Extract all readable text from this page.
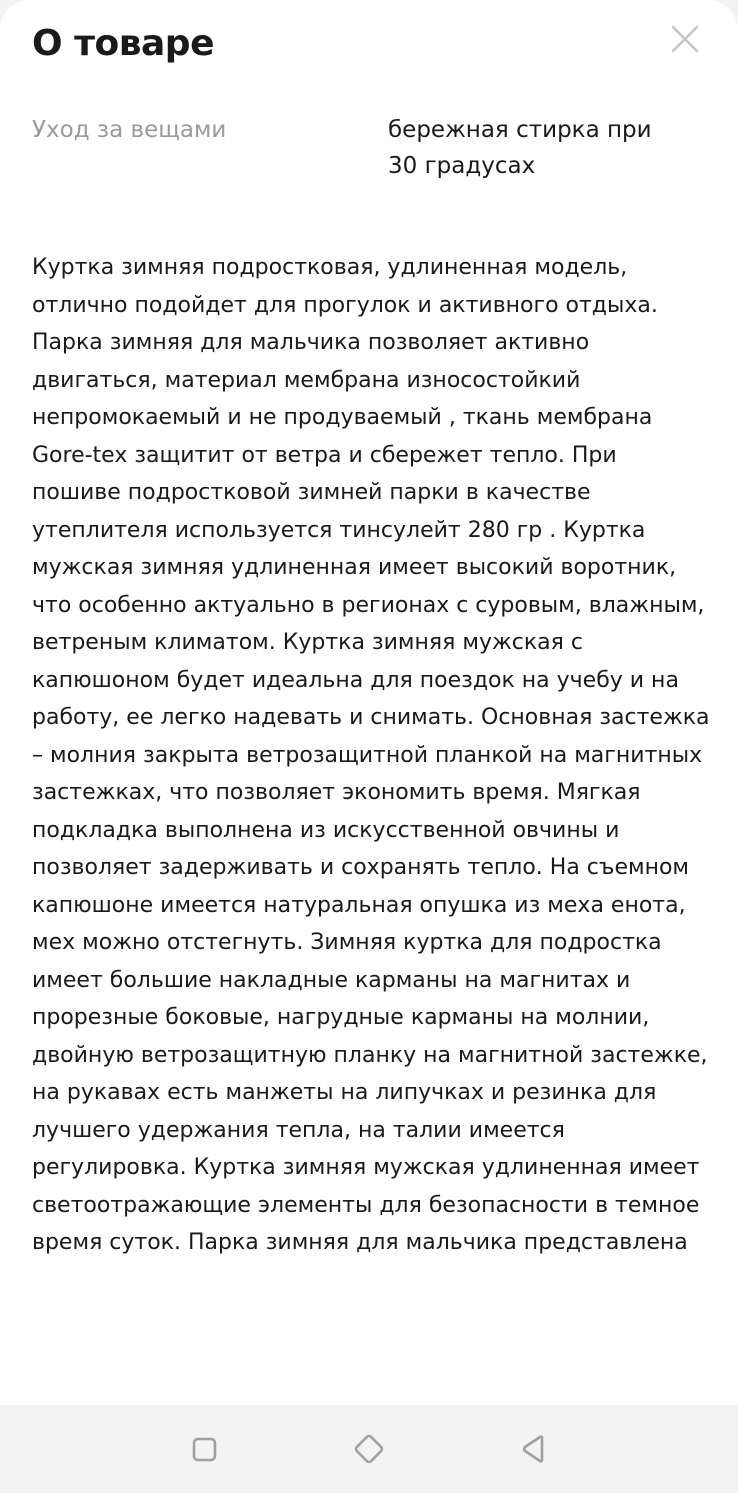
О товаре
Уход за вещами	бережная стирка при 30 градусах

Куртка зимняя подростковая, удлиненная модель, отлично подойдет для прогулок и активного отдыха. Парка зимняя для мальчика позволяет активно двигаться, материал мембрана износостойкий непромокаемый и не продуваемый , ткань мембрана Gore-tex защитит от ветра и сбережет тепло. При пошиве подростковой зимней парки в качестве утеплителя используется тинсулейт 280 гр . Куртка мужская зимняя удлиненная имеет высокий воротник, что особенно актуально в регионах с суровым, влажным, ветреным климатом. Куртка зимняя мужская с капюшоном будет идеальна для поездок на учебу и на работу, ее легко надевать и снимать. Основная застежка – молния закрыта ветрозащитной планкой на магнитных застежках, что позволяет экономить время. Мягкая подкладка выполнена из искусственной овчины и позволяет задерживать и сохранять тепло. На съемном капюшоне имеется натуральная опушка из меха енота, мех можно отстегнуть. Зимняя куртка для подростка имеет большие накладные карманы на магнитах и прорезные боковые, нагрудные карманы на молнии, двойную ветрозащитную планку на магнитной застежке, на рукавах есть манжеты на липучках и резинка для лучшего удержания тепла, на талии имеется регулировка. Куртка зимняя мужская удлиненная имеет светоотражающие элементы для безопасности в темное время суток. Парка зимняя для мальчика представлена
